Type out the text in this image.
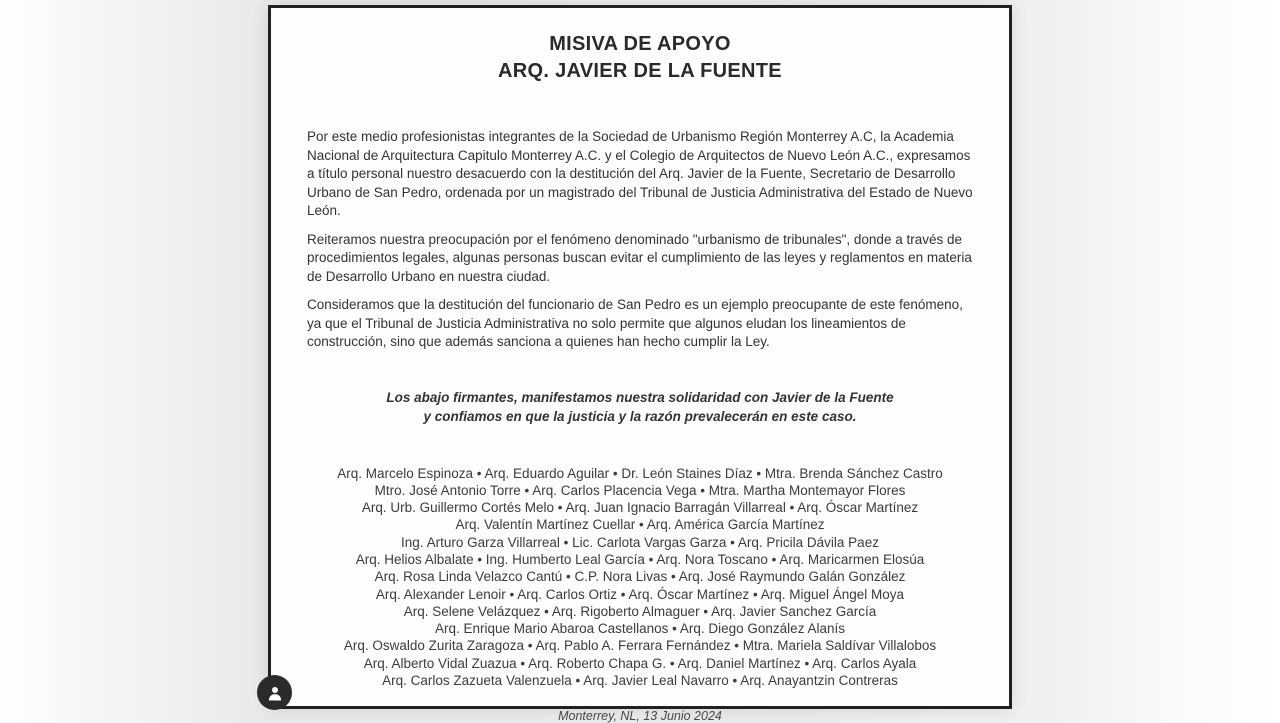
MISIVA DE APOYO
ARQ. JAVIER DE LA FUENTE

Por este medio profesionistas integrantes de la Sociedad de Urbanismo Región Monterrey A.C, la Academia Nacional de Arquitectura Capitulo Monterrey A.C. y el Colegio de Arquitectos de Nuevo León A.C., expresamos a título personal nuestro desacuerdo con la destitución del Arq. Javier de la Fuente, Secretario de Desarrollo Urbano de San Pedro, ordenada por un magistrado del Tribunal de Justicia Administrativa del Estado de Nuevo León.

Reiteramos nuestra preocupación por el fenómeno denominado "urbanismo de tribunales", donde a través de procedimientos legales, algunas personas buscan evitar el cumplimiento de las leyes y reglamentos en materia de Desarrollo Urbano en nuestra ciudad.

Consideramos que la destitución del funcionario de San Pedro es un ejemplo preocupante de este fenómeno, ya que el Tribunal de Justicia Administrativa no solo permite que algunos eludan los lineamientos de construcción, sino que además sanciona a quienes han hecho cumplir la Ley.

Los abajo firmantes, manifestamos nuestra solidaridad con Javier de la Fuente
y confiamos en que la justicia y la razón prevalecerán en este caso.
Arq. Marcelo Espinoza • Arq. Eduardo Aguilar • Dr. León Staines Díaz • Mtra. Brenda Sánchez Castro
Mtro. José Antonio Torre • Arq. Carlos Placencia Vega • Mtra. Martha Montemayor Flores
Arq. Urb. Guillermo Cortés Melo • Arq. Juan Ignacio Barragán Villarreal • Arq. Óscar Martínez
Arq. Valentín Martínez Cuellar • Arq. América García Martínez
Ing. Arturo Garza Villarreal • Lic. Carlota Vargas Garza • Arq. Pricila Dávila Paez
Arq. Helios Albalate • Ing. Humberto Leal García • Arq. Nora Toscano • Arq. Maricarmen Elosúa
Arq. Rosa Linda Velazco Cantú • C.P. Nora Livas • Arq. José Raymundo Galán González
Arq. Alexander Lenoir • Arq. Carlos Ortiz • Arq. Óscar Martínez • Arq. Miguel Ángel Moya
Arq. Selene Velázquez • Arq. Rigoberto Almaguer • Arq. Javier Sanchez García
Arq. Enrique Mario Abaroa Castellanos • Arq. Diego González Alanís
Arq. Oswaldo Zurita Zaragoza • Arq. Pablo A. Ferrara Fernández • Mtra. Mariela Saldívar Villalobos
Arq. Alberto Vidal Zuazua • Arq. Roberto Chapa G. • Arq. Daniel Martínez • Arq. Carlos Ayala
Arq. Carlos Zazueta Valenzuela • Arq. Javier Leal Navarro • Arq. Anayantzin Contreras
Monterrey, NL, 13 Junio 2024
